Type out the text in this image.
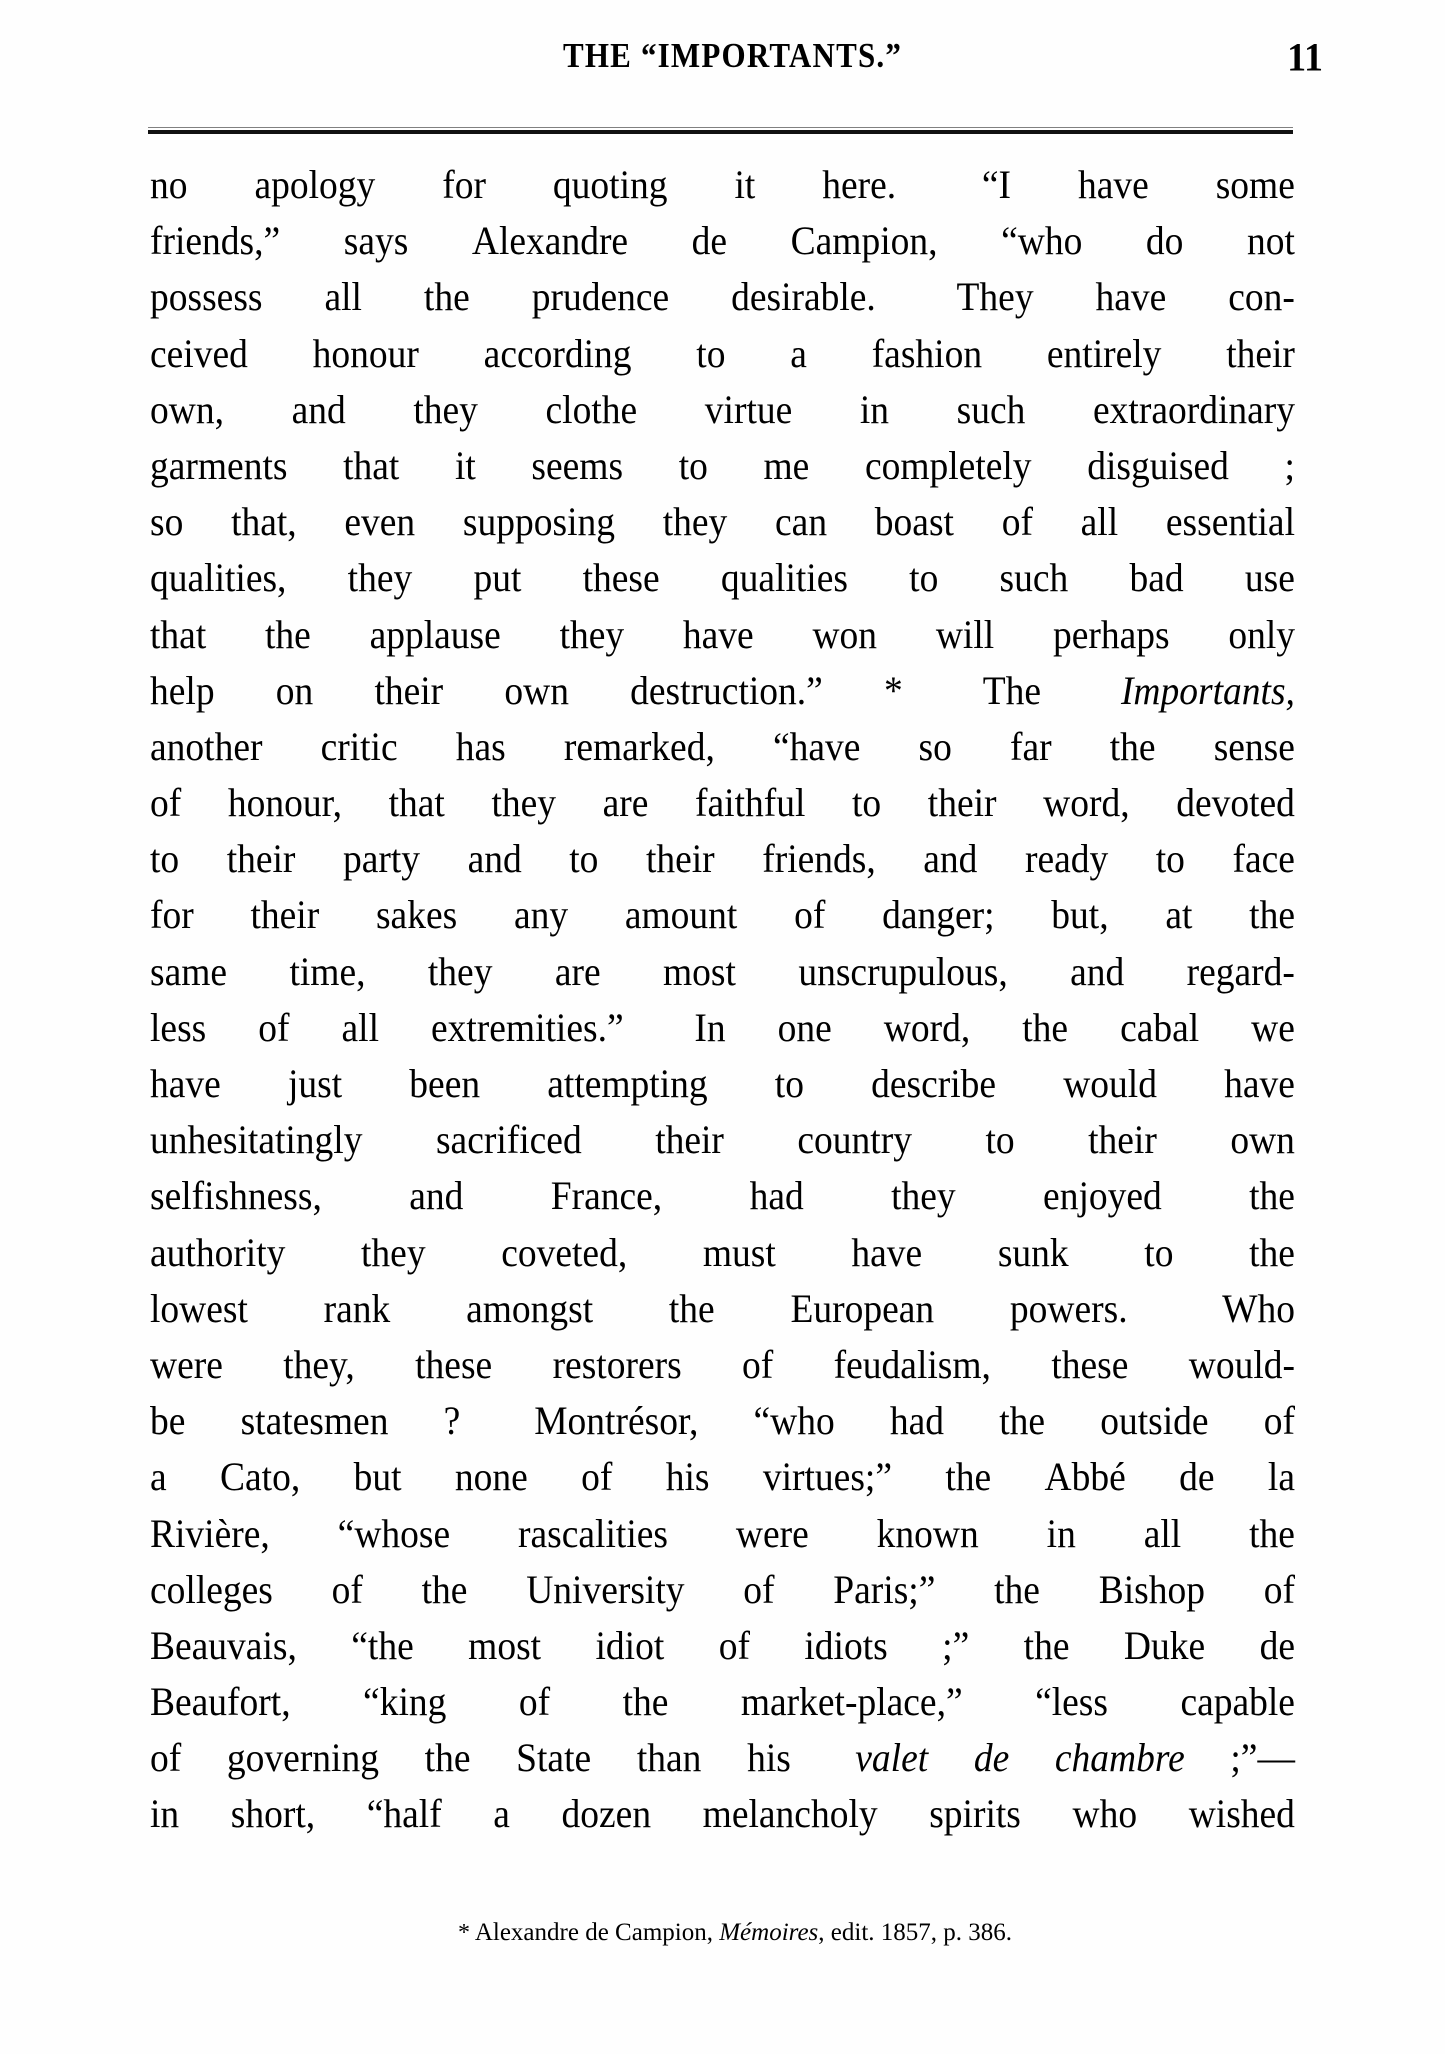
THE “IMPORTANTS.”	11
no apology for quoting it here.  “I have some
friends,” says Alexandre de Campion, “who do not
possess all the prudence desirable.  They have con-
ceived honour according to a fashion entirely their
own, and they clothe virtue in such extraordinary
garments that it seems to me completely disguised ;
so that, even supposing they can boast of all essential
qualities, they put these qualities to such bad use
that the applause they have won will perhaps only
help on their own destruction.” *  The  Importants,
another critic has remarked, “have so far the sense
of honour, that they are faithful to their word, devoted
to their party and to their friends, and ready to face
for their sakes any amount of danger; but, at the
same time, they are most unscrupulous, and regard-
less of all extremities.”  In one word, the cabal we
have just been attempting to describe would have
unhesitatingly sacrificed their country to their own
selfishness, and France, had they enjoyed the
authority they coveted, must have sunk to the
lowest rank amongst the European powers.  Who
were they, these restorers of feudalism, these would-
be statesmen ?  Montrésor, “who had the outside of
a Cato, but none of his virtues;” the Abbé de la
Rivière, “whose rascalities were known in all the
colleges of the University of Paris;” the Bishop of
Beauvais, “the most idiot of idiots ;” the Duke de
Beaufort, “king of the market-place,” “less capable
of governing the State than his  valet de chambre ;”—
in short, “half a dozen melancholy spirits who wished

* Alexandre de Campion, Mémoires, edit. 1857, p. 386.
